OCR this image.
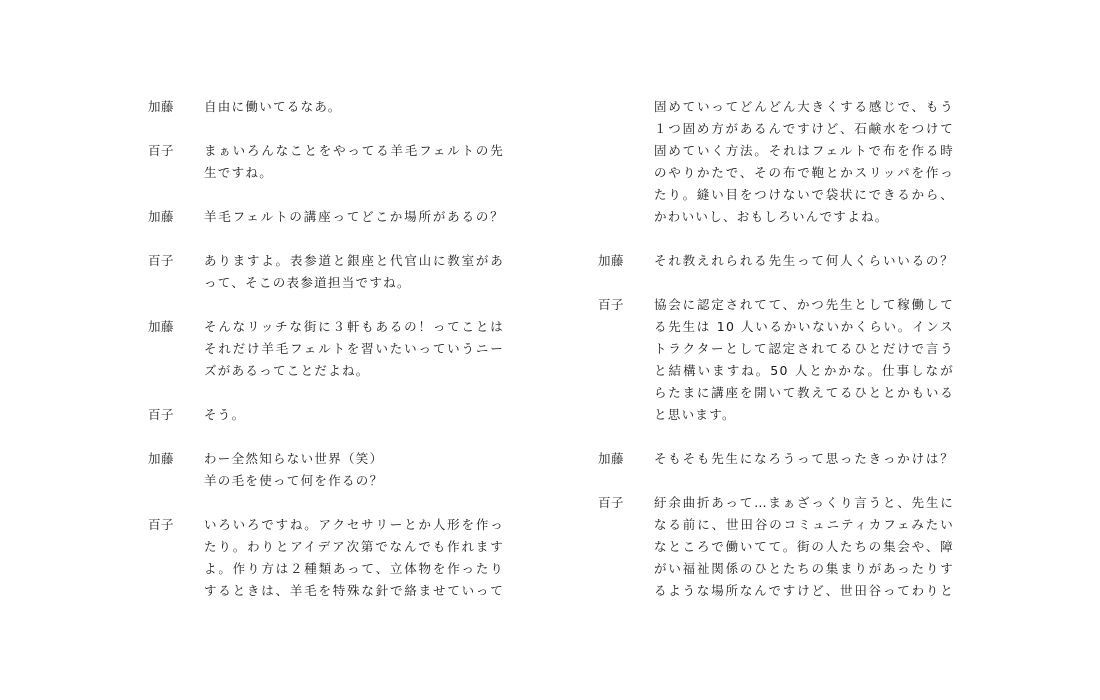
加藤	自由に働いてるなあ。
百子	まぁいろんなことをやってる羊毛フェルトの先
生ですね。
加藤	羊毛フェルトの講座ってどこか場所があるの？
百子	ありますよ。表参道と銀座と代官山に教室があ
って、そこの表参道担当ですね。
加藤	そんなリッチな街に３軒もあるの！ってことは
それだけ羊毛フェルトを習いたいっていうニー
ズがあるってことだよね。
百子	そう。
加藤	わー全然知らない世界（笑）
羊の毛を使って何を作るの？
百子	いろいろですね。アクセサリーとか人形を作っ
たり。わりとアイデア次第でなんでも作れます
よ。作り方は２種類あって、立体物を作ったり
するときは、羊毛を特殊な針で絡ませていって
固めていってどんどん大きくする感じで、もう
１つ固め方があるんですけど、石鹸水をつけて
固めていく方法。それはフェルトで布を作る時
のやりかたで、その布で鞄とかスリッパを作っ
たり。縫い目をつけないで袋状にできるから、
かわいいし、おもしろいんですよね。
加藤	それ教えれられる先生って何人くらいいるの？
百子	協会に認定されてて、かつ先生として稼働して
る先生は 10 人いるかいないかくらい。インス
トラクターとして認定されてるひとだけで言う
と結構いますね。50 人とかかな。仕事しなが
らたまに講座を開いて教えてるひととかもいる
と思います。
加藤	そもそも先生になろうって思ったきっかけは？
百子	紆余曲折あって…まぁざっくり言うと、先生に
なる前に、世田谷のコミュニティカフェみたい
なところで働いてて。街の人たちの集会や、障
がい福祉関係のひとたちの集まりがあったりす
るような場所なんですけど、世田谷ってわりと
